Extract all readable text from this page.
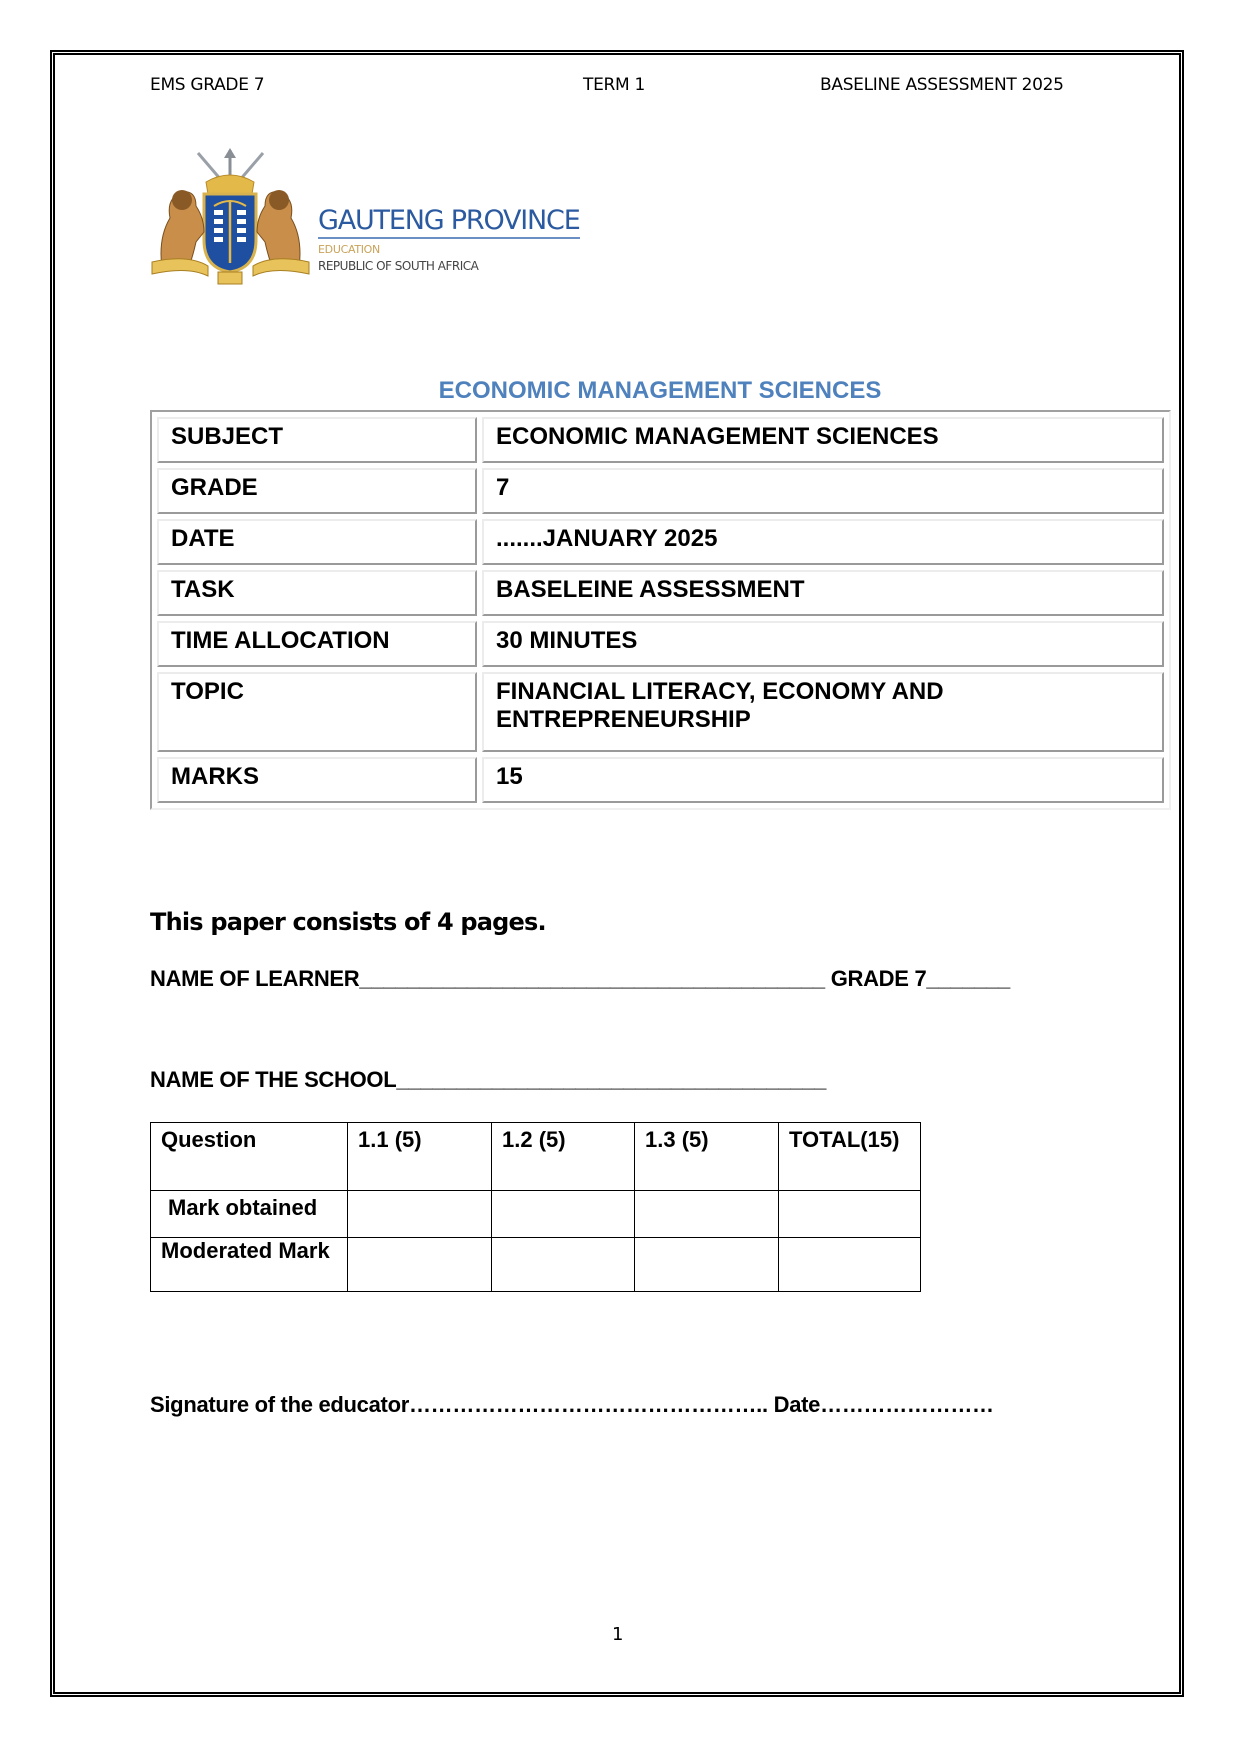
EMS GRADE 7	TERM 1	BASELINE ASSESSMENT 2025
GAUTENG PROVINCE
EDUCATION
REPUBLIC OF SOUTH AFRICA
ECONOMIC MANAGEMENT SCIENCES
SUBJECT	ECONOMIC MANAGEMENT SCIENCES
GRADE	7
DATE	.......JANUARY 2025
TASK	BASELEINE ASSESSMENT
TIME ALLOCATION	30 MINUTES
TOPIC	FINANCIAL LITERACY, ECONOMY AND ENTREPRENEURSHIP
MARKS	15
This paper consists of 4 pages.
NAME OF LEARNER_______________________________________ GRADE 7_______
NAME OF THE SCHOOL____________________________________
Question	1.1 (5)	1.2 (5)	1.3 (5)	TOTAL(15)
Mark obtained				
Moderated Mark				
Signature of the educator………………………………………….. Date……………………
1
